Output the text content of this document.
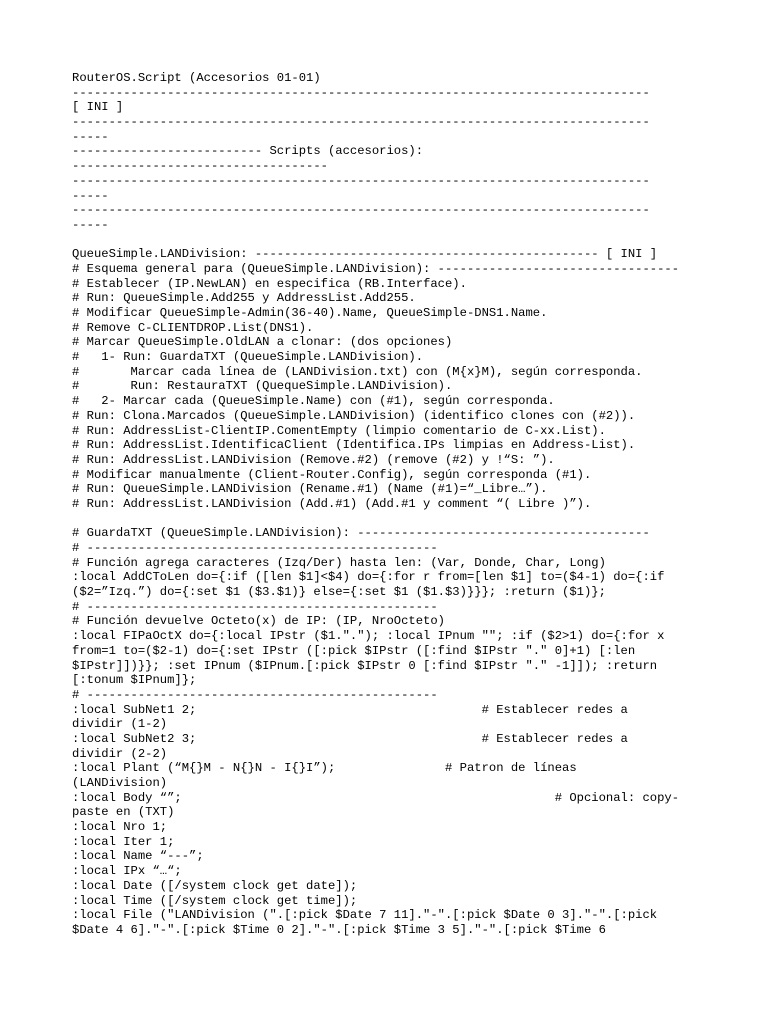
RouterOS.Script (Accesorios 01-01)
-------------------------------------------------------------------------------
[ INI ]
-------------------------------------------------------------------------------
-----
-------------------------- Scripts (accesorios):
-----------------------------------
-------------------------------------------------------------------------------
-----
-------------------------------------------------------------------------------
-----
QueueSimple.LANDivision: ----------------------------------------------- [ INI ]
# Esquema general para (QueueSimple.LANDivision): ---------------------------------
# Establecer (IP.NewLAN) en especifica (RB.Interface).
# Run: QueueSimple.Add255 y AddressList.Add255.
# Modificar QueueSimple-Admin(36-40).Name, QueueSimple-DNS1.Name.
# Remove C-CLIENTDROP.List(DNS1).
# Marcar QueueSimple.OldLAN a clonar: (dos opciones)
#   1- Run: GuardaTXT (QueueSimple.LANDivision).
#       Marcar cada línea de (LANDivision.txt) con (M{x}M), según corresponda.
#       Run: RestauraTXT (QuequeSimple.LANDivision).
#   2- Marcar cada (QueueSimple.Name) con (#1), según corresponda.
# Run: Clona.Marcados (QueueSimple.LANDivision) (identifico clones con (#2)).
# Run: AddressList-ClientIP.ComentEmpty (limpio comentario de C-xx.List).
# Run: AddressList.IdentificaClient (Identifica.IPs limpias en Address-List).
# Run: AddressList.LANDivision (Remove.#2) (remove (#2) y !“S: ”).
# Modificar manualmente (Client-Router.Config), según corresponda (#1).
# Run: QueueSimple.LANDivision (Rename.#1) (Name (#1)=“_Libre…”).
# Run: AddressList.LANDivision (Add.#1) (Add.#1 y comment “( Libre )”).
# GuardaTXT (QueueSimple.LANDivision): ----------------------------------------
# ------------------------------------------------
# Función agrega caracteres (Izq/Der) hasta len: (Var, Donde, Char, Long)
:local AddCToLen do={:if ([len $1]<$4) do={:for r from=[len $1] to=($4-1) do={:if
($2=”Izq.”) do={:set $1 ($3.$1)} else={:set $1 ($1.$3)}}}; :return ($1)};
# ------------------------------------------------
# Función devuelve Octeto(x) de IP: (IP, NroOcteto)
:local FIPaOctX do={:local IPstr ($1."."); :local IPnum ""; :if ($2>1) do={:for x
from=1 to=($2-1) do={:set IPstr ([:pick $IPstr ([:find $IPstr "." 0]+1) [:len
$IPstr]])}}; :set IPnum ($IPnum.[:pick $IPstr 0 [:find $IPstr "." -1]]); :return
[:tonum $IPnum]};
# ------------------------------------------------
:local SubNet1 2;                                       # Establecer redes a
dividir (1-2)
:local SubNet2 3;                                       # Establecer redes a
dividir (2-2)
:local Plant (“M{}M - N{}N - I{}I”);               # Patron de líneas
(LANDivision)
:local Body “”;                                                   # Opcional: copy-
paste en (TXT)
:local Nro 1;
:local Iter 1;
:local Name “---”;
:local IPx “…“;
:local Date ([/system clock get date]);
:local Time ([/system clock get time]);
:local File ("LANDivision (".[:pick $Date 7 11]."-".[:pick $Date 0 3]."-".[:pick
$Date 4 6]."-".[:pick $Time 0 2]."-".[:pick $Time 3 5]."-".[:pick $Time 6
